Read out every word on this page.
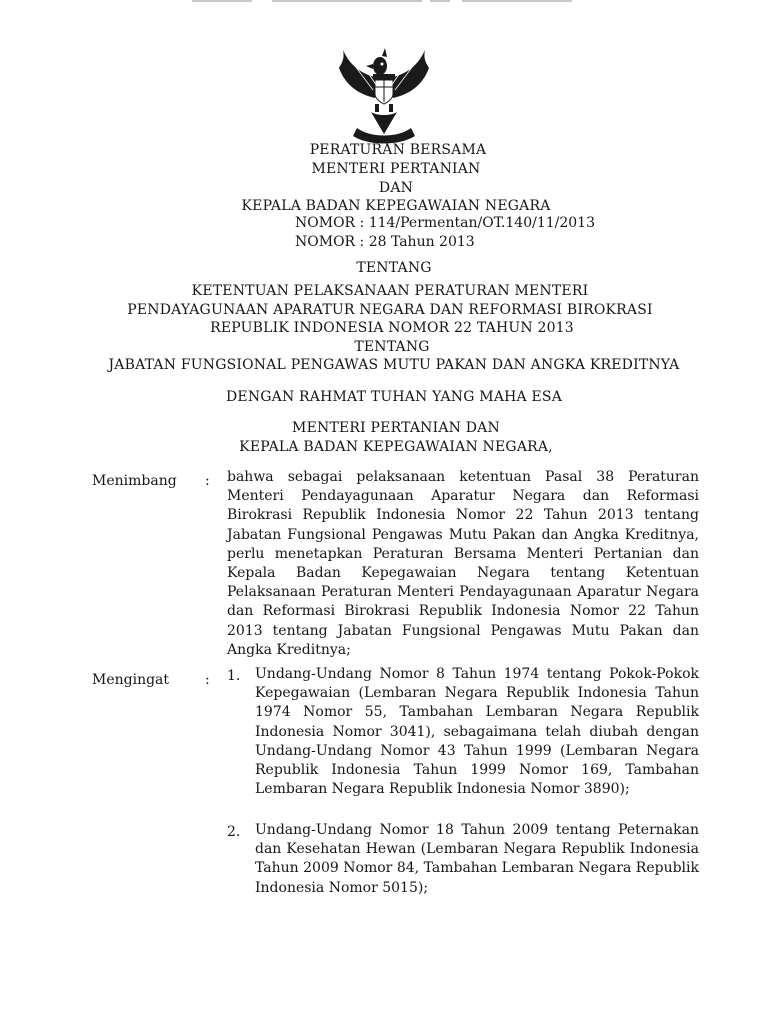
PERATURAN BERSAMA
MENTERI PERTANIAN
DAN
KEPALA BADAN KEPEGAWAIAN NEGARA
NOMOR : 114/Permentan/OT.140/11/2013
NOMOR : 28 Tahun 2013
TENTANG
KETENTUAN PELAKSANAAN PERATURAN MENTERI
PENDAYAGUNAAN APARATUR NEGARA DAN REFORMASI BIROKRASI
REPUBLIK INDONESIA NOMOR 22 TAHUN 2013
TENTANG
JABATAN FUNGSIONAL PENGAWAS MUTU PAKAN DAN ANGKA KREDITNYA
DENGAN RAHMAT TUHAN YANG MAHA ESA
MENTERI PERTANIAN DAN
KEPALA BADAN KEPEGAWAIAN NEGARA,
Menimbang : bahwa sebagai pelaksanaan ketentuan Pasal 38 Peraturan Menteri Pendayagunaan Aparatur Negara dan Reformasi Birokrasi Republik Indonesia Nomor 22 Tahun 2013 tentang Jabatan Fungsional Pengawas Mutu Pakan dan Angka Kreditnya, perlu menetapkan Peraturan Bersama Menteri Pertanian dan Kepala Badan Kepegawaian Negara tentang Ketentuan Pelaksanaan Peraturan Menteri Pendayagunaan Aparatur Negara dan Reformasi Birokrasi Republik Indonesia Nomor 22 Tahun 2013 tentang Jabatan Fungsional Pengawas Mutu Pakan dan Angka Kreditnya;
Mengingat	: 1. Undang-Undang Nomor 8 Tahun 1974 tentang Pokok-Pokok Kepegawaian (Lembaran Negara Republik Indonesia Tahun 1974 Nomor 55, Tambahan Lembaran Negara Republik Indonesia Nomor 3041), sebagaimana telah diubah dengan Undang-Undang Nomor 43 Tahun 1999 (Lembaran Negara Republik Indonesia Tahun 1999 Nomor 169, Tambahan Lembaran Negara Republik Indonesia Nomor 3890);
2. Undang-Undang Nomor 18 Tahun 2009 tentang Peternakan dan Kesehatan Hewan (Lembaran Negara Republik Indonesia Tahun 2009 Nomor 84, Tambahan Lembaran Negara Republik Indonesia Nomor 5015);
